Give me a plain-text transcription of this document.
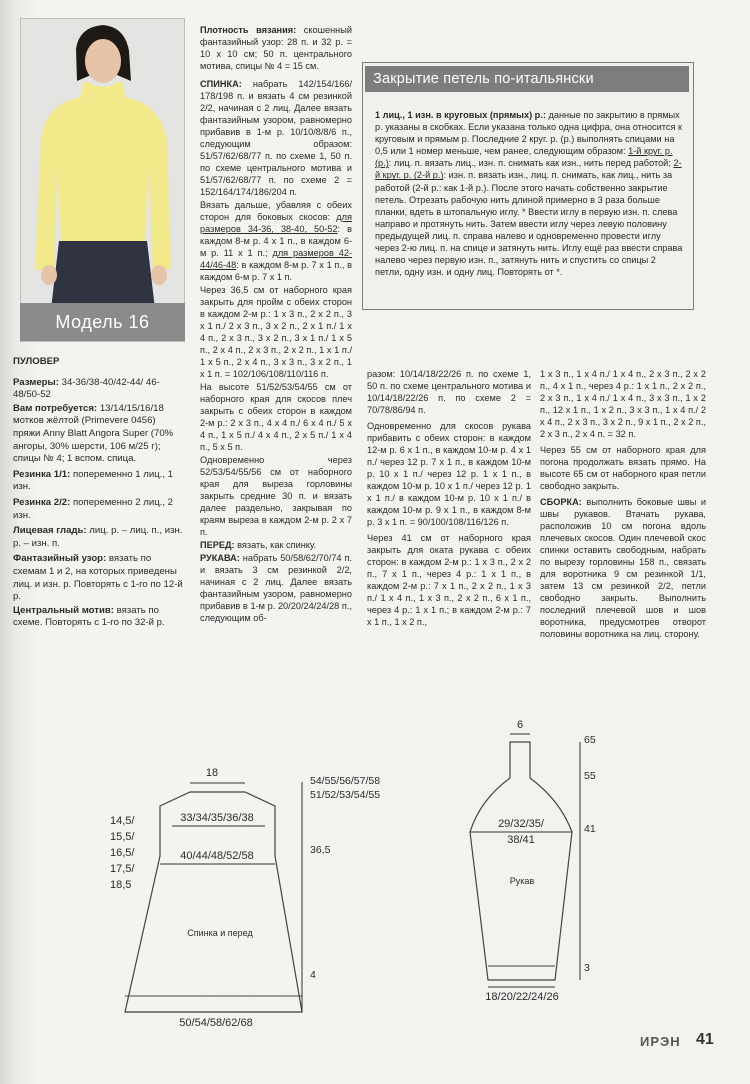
Модель 16

ПУЛОВЕР

Размеры: 34-36/38-40/42-44/ 46-48/50-52

Вам потребуется: 13/14/15/16/18 мотков жёлтой (Primevere 0456) пряжи Anny Blatt Angora Super (70% ангоры, 30% шерсти, 106 м/25 г); спицы № 4; 1 вспом. спица.

Резинка 1/1: попеременно 1 лиц., 1 изн.

Резинка 2/2: попеременно 2 лиц., 2 изн.

Лицевая гладь: лиц. р. – лиц. п., изн. р. – изн. п.

Фантазийный узор: вязать по схемам 1 и 2, на которых приведены лиц. и изн. р. Повторять с 1-го по 12-й р.

Центральный мотив: вязать по схеме. Повторять с 1-го по 32-й р.

Плотность вязания: скошенный фантазийный узор: 28 п. и 32 р. = 10 х 10 см; 50 п. центрального мотива, спицы № 4 = 15 см.

СПИНКА: набрать 142/154/166/ 178/198 п. и вязать 4 см резинкой 2/2, начиная с 2 лиц. Далее вязать фантазийным узором, равномерно прибавив в 1-м р. 10/10/8/8/6 п., следующим образом: 51/57/62/68/77 п. по схеме 1, 50 п. по схеме центрального мотива и 51/57/62/68/77 п. по схеме 2 = 152/164/174/186/204 п.

Вязать дальше, убавляя с обеих сторон для боковых скосов: для размеров 34-36, 38-40, 50-52: в каждом 8-м р. 4 х 1 п., в каждом 6-м р. 11 х 1 п.; для размеров 42-44/46-48: в каждом 8-м р. 7 х 1 п., в каждом 6-м р. 7 х 1 п.

Через 36,5 см от наборного края закрыть для пройм с обеих сторон в каждом 2-м р.: 1 х 3 п., 2 х 2 п., 3 х 1 п./ 2 х 3 п., 3 х 2 п., 2 х 1 п./ 1 х 4 п., 2 х 3 п., 3 х 2 п., 3 х 1 п./ 1 х 5 п., 2 х 4 п., 2 х 3 п., 2 х 2 п., 1 х 1 п./ 1 х 5 п., 2 х 4 п., 3 х 3 п., 3 х 2 п., 1 х 1 п. = 102/106/108/110/116 п.

На высоте 51/52/53/54/55 см от наборного края для скосов плеч закрыть с обеих сторон в каждом 2-м р.: 2 х 3 п., 4 х 4 п./ 6 х 4 п./ 5 х 4 п., 1 х 5 п./ 4 х 4 п., 2 х 5 п./ 1 х 4 п., 5 х 5 п.

Одновременно через 52/53/54/55/56 см от наборного края для выреза горловины закрыть средние 30 п. и вязать далее раздельно, закрывая по краям выреза в каждом 2-м р. 2 х 7 п.

ПЕРЕД: вязать, как спинку.

РУКАВА: набрать 50/58/62/70/74 п. и вязать 3 см резинкой 2/2, начиная с 2 лиц. Далее вязать фантазийным узором, равномерно прибавив в 1-м р. 20/20/24/24/28 п., следующим об-

Закрытие петель по-итальянски
1 лиц., 1 изн. в круговых (прямых) р.: данные по закрытию в прямых р. указаны в скобках. Если указана только одна цифра, она относится к круговым и прямым р. Последние 2 круг. р. (р.) выполнять спицами на 0,5 или 1 номер меньше, чем ранее, следующим образом: 1-й круг. р. (р.): лиц. п. вязать лиц., изн. п. снимать как изн., нить перед работой; 2-й круг. р. (2-й р.): изн. п. вязать изн., лиц. п. снимать, как лиц., нить за работой (2-й р.: как 1-й р.). После этого начать собственно закрытие петель. Отрезать рабочую нить длиной примерно в 3 раза больше планки, вдеть в штопальную иглу. * Ввести иглу в первую изн. п. слева направо и протянуть нить. Затем ввести иглу через левую половину предыдущей лиц. п. справа налево и одновременно провести иглу через 2-ю лиц. п. на спице и затянуть нить. Иглу ещё раз ввести справа налево через первую изн. п., затянуть нить и спустить со спицы 2 петли, одну изн. и одну лиц. Повторять от *.

разом: 10/14/18/22/26 п. по схеме 1, 50 п. по схеме центрального мотива и 10/14/18/22/26 п. по схеме 2 = 70/78/86/94 п.

Одновременно для скосов рукава прибавить с обеих сторон: в каждом 12-м р. 6 х 1 п., в каждом 10-м р. 4 х 1 п./ через 12 р. 7 х 1 п., в каждом 10-м р. 10 х 1 п./ через 12 р. 1 х 1 п., в каждом 10-м р. 10 х 1 п./ через 12 р. 1 х 1 п./ в каждом 10-м р. 10 х 1 п./ в каждом 10-м р. 9 х 1 п., в каждом 8-м р. 3 х 1 п. = 90/100/108/116/126 п.

Через 41 см от наборного края закрыть для оката рукава с обеих сторон: в каждом 2-м р.: 1 х 3 п., 2 х 2 п., 7 х 1 п., через 4 р.: 1 х 1 п., в каждом 2-м р.: 7 х 1 п., 2 х 2 п., 1 х 3 п./ 1 х 4 п., 1 х 3 п., 2 х 2 п., 6 х 1 п., через 4 р.: 1 х 1 п.; в каждом 2-м р.: 7 х 1 п., 1 х 2 п.,

1 х 3 п., 1 х 4 п./ 1 х 4 п., 2 х 3 п., 2 х 2 п., 4 х 1 п., через 4 р.: 1 х 1 п., 2 х 2 п., 2 х 3 п., 1 х 4 п./ 1 х 4 п., 3 х 3 п., 1 х 2 п., 12 х 1 п., 1 х 2 п., 3 х 3 п., 1 х 4 п./ 2 х 4 п., 2 х 3 п., 3 х 2 п., 9 х 1 п., 2 х 2 п., 2 х 3 п., 2 х 4 п. = 32 п.

Через 55 см от наборного края для погона продолжать вязать прямо. На высоте 65 см от наборного края петли свободно закрыть.

СБОРКА: выполнить боковые швы и швы рукавов. Втачать рукава, расположив 10 см погона вдоль плечевых скосов. Один плечевой скос спинки оставить свободным, набрать по вырезу горловины 158 п., связать для воротника 9 см резинкой 1/1, затем 13 см резинкой 2/2, петли свободно закрыть. Выполнить последний плечевой шов и шов воротника, предусмотрев отворот половины воротника на лиц. сторону.

18
33/34/35/36/38
40/44/48/52/58
54/55/56/57/58
51/52/53/54/55
36,5
4
14,5/
15,5/
16,5/
17,5/
18,5
Спинка и перед
50/54/58/62/68
6
29/32/35/
38/41
65
55
41
3
Рукав
18/20/22/24/26
ИРЭН 41
